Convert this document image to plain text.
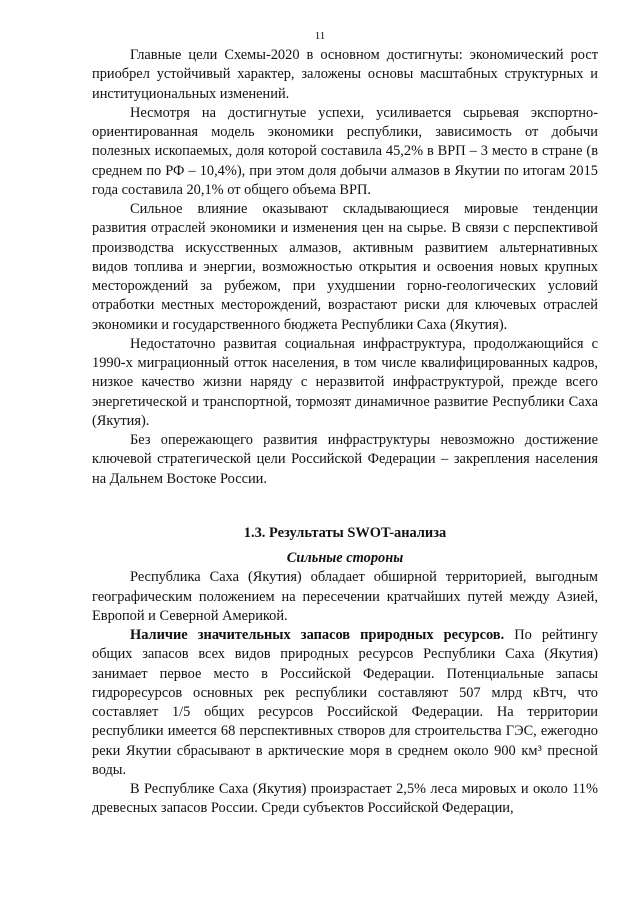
11

Главные цели Схемы-2020 в основном достигнуты: экономический рост приобрел устойчивый характер, заложены основы масштабных структурных и институциональных изменений.

Несмотря на достигнутые успехи, усиливается сырьевая экспортно-ориентированная модель экономики республики, зависимость от добычи полезных ископаемых, доля которой составила 45,2% в ВРП – 3 место в стране (в среднем по РФ – 10,4%), при этом доля добычи алмазов в Якутии по итогам 2015 года составила 20,1% от общего объема ВРП.

Сильное влияние оказывают складывающиеся мировые тенденции развития отраслей экономики и изменения цен на сырье. В связи с перспективой производства искусственных алмазов, активным развитием альтернативных видов топлива и энергии, возможностью открытия и освоения новых крупных месторождений за рубежом, при ухудшении горно-геологических условий отработки местных месторождений, возрастают риски для ключевых отраслей экономики и государственного бюджета Республики Саха (Якутия).

Недостаточно развитая социальная инфраструктура, продолжающийся с 1990-х миграционный отток населения, в том числе квалифицированных кадров, низкое качество жизни наряду с неразвитой инфраструктурой, прежде всего энергетической и транспортной, тормозят динамичное развитие Республики Саха (Якутия).

Без опережающего развития инфраструктуры невозможно достижение ключевой стратегической цели Российской Федерации – закрепления населения на Дальнем Востоке России.

1.3. Результаты SWOT-анализа

Сильные стороны

Республика Саха (Якутия) обладает обширной территорией, выгодным географическим положением на пересечении кратчайших путей между Азией, Европой и Северной Америкой.

Наличие значительных запасов природных ресурсов. По рейтингу общих запасов всех видов природных ресурсов Республики Саха (Якутия) занимает первое место в Российской Федерации. Потенциальные запасы гидроресурсов основных рек республики составляют 507 млрд кВтч, что составляет 1/5 общих ресурсов Российской Федерации. На территории республики имеется 68 перспективных створов для строительства ГЭС, ежегодно реки Якутии сбрасывают в арктические моря в среднем около 900 км³ пресной воды.

В Республике Саха (Якутия) произрастает 2,5% леса мировых и около 11% древесных запасов России. Среди субъектов Российской Федерации,
